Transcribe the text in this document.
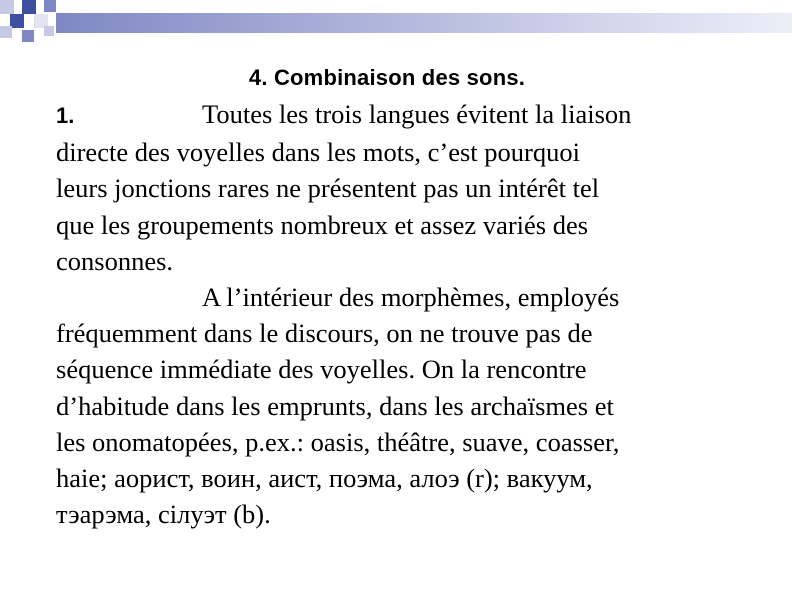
4. Combinaison des sons.
1.	Toutes les trois langues évitent la liaison
directe des voyelles dans les mots, c’est pourquoi
leurs jonctions rares ne présentent pas un intérêt tel
que les groupements nombreux et assez variés des
consonnes.
A l’intérieur des morphèmes, employés
fréquemment dans le discours, on ne trouve pas de
séquence immédiate des voyelles. On la rencontre
d’habitude dans les emprunts, dans les archaïsmes et
les onomatopées, p.ex.: oasis, théâtre, suave, coasser,
haie; аорист, воин, аист, поэма, алоэ (r); вакуум,
тэарэма, сілуэт (b).
